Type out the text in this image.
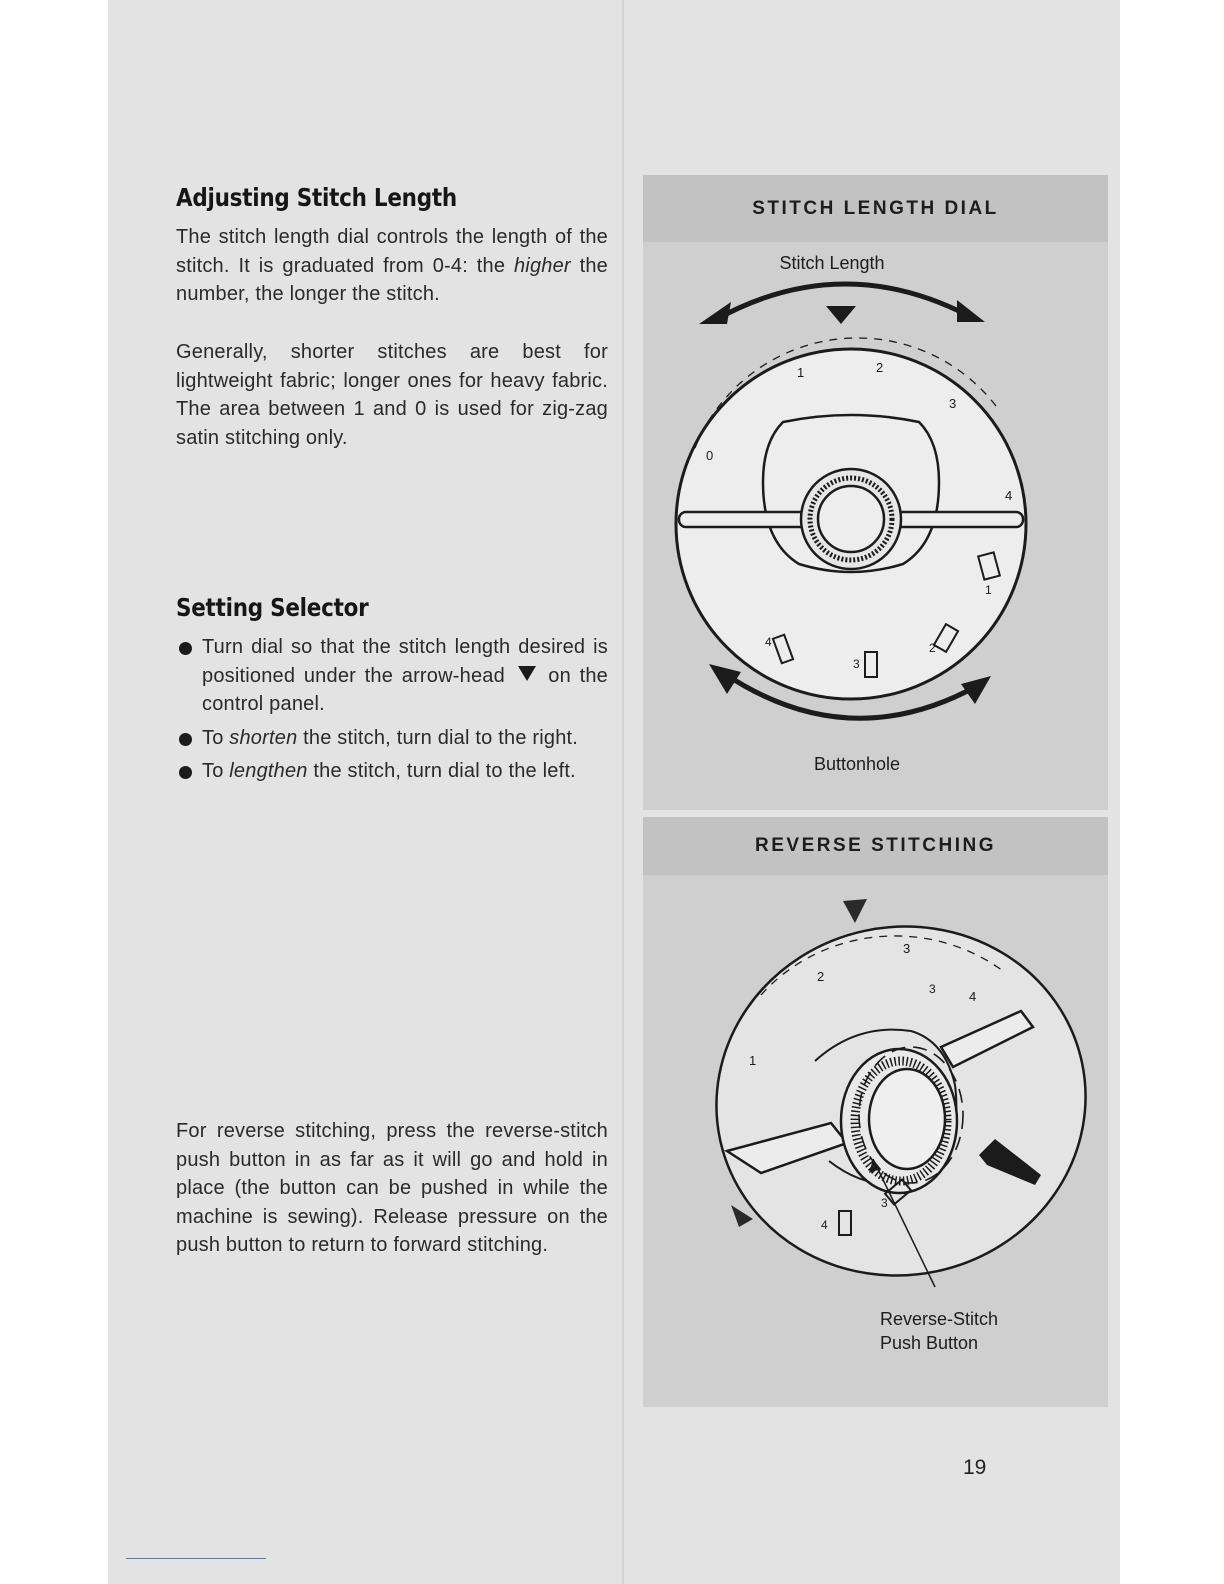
Adjusting Stitch Length

The stitch length dial controls the length of the stitch. It is graduated from 0-4: the higher the number, the longer the stitch.

Generally, shorter stitches are best for lightweight fabric; longer ones for heavy fabric. The area between 1 and 0 is used for zig-zag satin stitching only.

Setting Selector
Turn dial so that the stitch length desired is positioned under the arrow-head on the control panel.
To shorten the stitch, turn dial to the right.
To lengthen the stitch, turn dial to the left.

For reverse stitching, press the reverse-stitch push button in as far as it will go and hold in place (the button can be pushed in while the machine is sewing). Release pressure on the push button to return to forward stitching.

STITCH LENGTH DIAL
Stitch Length
0
1	2
3
4
1
2
3
4
Buttonhole
REVERSE STITCHING
2
3
3	4
1
3
4
Reverse-Stitch
Push Button

19
